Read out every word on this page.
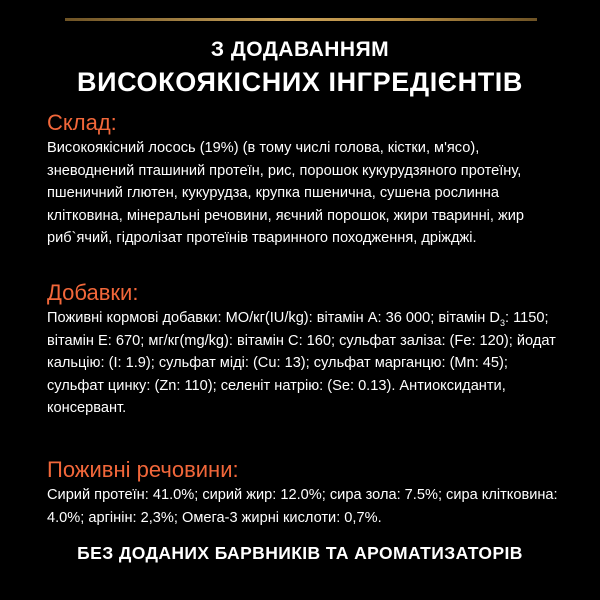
З ДОДАВАННЯМ
ВИСОКОЯКІСНИХ ІНГРЕДІЄНТІВ
Склад:
Високоякісний лосось (19%) (в тому числі голова, кістки, м'ясо), зневоднений пташиний протеїн, рис, порошок кукурудзяного протеїну, пшеничний глютен, кукурудза, крупка пшенична, сушена рослинна клітковина, мінеральні речовини, яєчний порошок, жири тваринні, жир риб`ячий, гідролізат протеїнів тваринного походження, дріжджі.
Добавки:
Поживні кормові добавки: МО/кг(IU/kg): вітамін А: 36 000; вітамін $D_3$: 1150; вітамін Е: 670; мг/кг(mg/kg): вітамін С: 160; сульфат заліза: (Fe: 120); йодат кальцію: (I: 1.9); сульфат міді: (Cu: 13); сульфат марганцю: (Mn: 45); сульфат цинку: (Zn: 110); селеніт натрію: (Se: 0.13). Антиоксиданти, консервант.
Поживні речовини:
Сирий протеїн: 41.0%; сирий жир: 12.0%; сира зола: 7.5%; сира клітковина: 4.0%; аргінін: 2,3%; Омега-3 жирні кислоти: 0,7%.
БЕЗ ДОДАНИХ БАРВНИКІВ ТА АРОМАТИЗАТОРІВ
